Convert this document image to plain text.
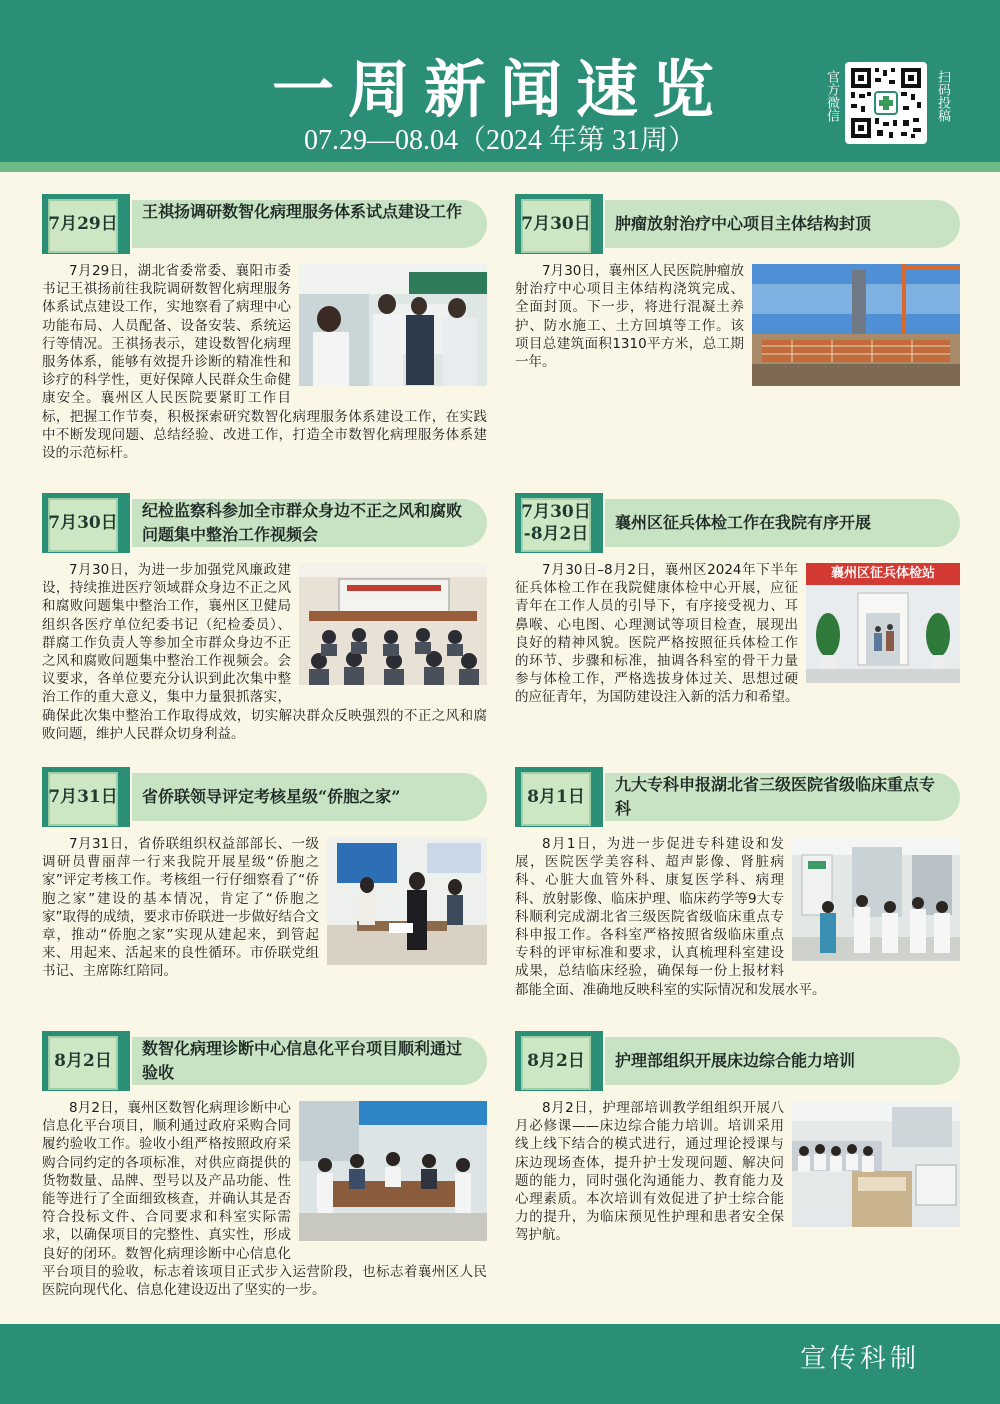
一周新闻速览
07.29—08.04（2024 年第 31周）
官方微信	扫码投稿
7月29日
王祺扬调研数智化病理服务体系试点建设工作

7月29日，湖北省委常委、襄阳市委书记王祺扬前往我院调研数智化病理服务体系试点建设工作，实地察看了病理中心功能布局、人员配备、设备安装、系统运行等情况。王祺扬表示，建设数智化病理服务体系，能够有效提升诊断的精准性和诊疗的科学性，更好保障人民群众生命健康安全。襄州区人民医院要紧盯工作目标，把握工作节奏，积极探索研究数智化病理服务体系建设工作，在实践中不断发现问题、总结经验、改进工作，打造全市数智化病理服务体系建设的示范标杆。

7月30日	肿瘤放射治疗中心项目主体结构封顶

7月30日，襄州区人民医院肿瘤放射治疗中心项目主体结构浇筑完成、全面封顶。下一步，将进行混凝土养护、防水施工、土方回填等工作。该项目总建筑面积1310平方米，总工期一年。

7月30日
纪检监察科参加全市群众身边不正之风和腐败问题集中整治工作视频会

7月30日，为进一步加强党风廉政建设，持续推进医疗领域群众身边不正之风和腐败问题集中整治工作，襄州区卫健局组织各医疗单位纪委书记（纪检委员）、群腐工作负责人等参加全市群众身边不正之风和腐败问题集中整治工作视频会。会议要求，各单位要充分认识到此次集中整治工作的重大意义，集中力量狠抓落实，确保此次集中整治工作取得成效，切实解决群众反映强烈的不正之风和腐败问题，维护人民群众切身利益。

7月30日
-8月2日
襄州区征兵体检工作在我院有序开展
襄州区征兵体检站

7月30日–8月2日，襄州区2024年下半年征兵体检工作在我院健康体检中心开展，应征青年在工作人员的引导下，有序接受视力、耳鼻喉、心电图、心理测试等项目检查，展现出良好的精神风貌。医院严格按照征兵体检工作的环节、步骤和标准，抽调各科室的骨干力量参与体检工作，严格选拔身体过关、思想过硬的应征青年，为国防建设注入新的活力和希望。

7月31日	省侨联领导评定考核星级“侨胞之家”

7月31日，省侨联组织权益部部长、一级调研员曹丽萍一行来我院开展星级“侨胞之家”评定考核工作。考核组一行仔细察看了“侨胞之家”建设的基本情况，肯定了“侨胞之家”取得的成绩，要求市侨联进一步做好结合文章，推动“侨胞之家”实现从建起来，到管起来、用起来、活起来的良性循环。市侨联党组书记、主席陈红陪同。

8月1日
九大专科申报湖北省三级医院省级临床重点专科

8月1日，为进一步促进专科建设和发展，医院医学美容科、超声影像、肾脏病科、心脏大血管外科、康复医学科、病理科、放射影像、临床护理、临床药学等9大专科顺利完成湖北省三级医院省级临床重点专科申报工作。各科室严格按照省级临床重点专科的评审标准和要求，认真梳理科室建设成果，总结临床经验，确保每一份上报材料都能全面、准确地反映科室的实际情况和发展水平。

8月2日
数智化病理诊断中心信息化平台项目顺利通过验收

8月2日，襄州区数智化病理诊断中心信息化平台项目，顺利通过政府采购合同履约验收工作。验收小组严格按照政府采购合同约定的各项标准，对供应商提供的货物数量、品牌、型号以及产品功能、性能等进行了全面细致核查，并确认其是否符合投标文件、合同要求和科室实际需求，以确保项目的完整性、真实性，形成良好的闭环。数智化病理诊断中心信息化平台项目的验收，标志着该项目正式步入运营阶段，也标志着襄州区人民医院向现代化、信息化建设迈出了坚实的一步。

8月2日	护理部组织开展床边综合能力培训

8月2日，护理部培训教学组组织开展八月必修课——床边综合能力培训。培训采用线上线下结合的模式进行，通过理论授课与床边现场查体，提升护士发现问题、解决问题的能力，同时强化沟通能力、教育能力及心理素质。本次培训有效促进了护士综合能力的提升，为临床预见性护理和患者安全保驾护航。

宣传科制
